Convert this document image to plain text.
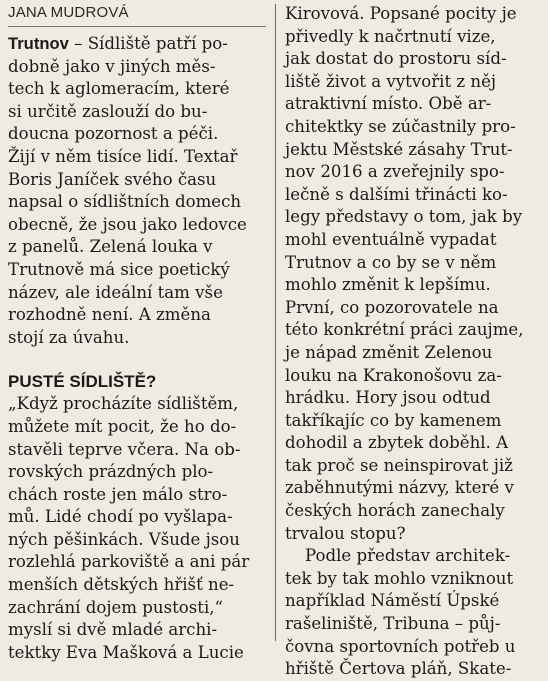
JANA MUDROVÁ
Trutnov – Sídliště patří po-
dobně jako v jiných měs-
tech k aglomeracím, které
si určitě zaslouží do bu-
doucna pozornost a péči.
Žijí v něm tisíce lidí. Textař
Boris Janíček svého času
napsal o sídlištních domech
obecně, že jsou jako ledovce
z panelů. Zelená louka v
Trutnově má sice poetický
název, ale ideální tam vše
rozhodně není. A změna
stojí za úvahu.
PUSTÉ SÍDLIŠTĚ?
„Když procházíte sídlištěm,
můžete mít pocit, že ho do-
stavěli teprve včera. Na ob-
rovských prázdných plo-
chách roste jen málo stro-
mů. Lidé chodí po vyšlapa-
ných pěšinkách. Všude jsou
rozlehlá parkoviště a ani pár
menších dětských hřišť ne-
zachrání dojem pustosti,“
myslí si dvě mladé archi-
tektky Eva Mašková a Lucie
Kirovová. Popsané pocity je
přivedly k načrtnutí vize,
jak dostat do prostoru síd-
liště život a vytvořit z něj
atraktivní místo. Obě ar-
chitektky se zúčastnily pro-
jektu Městské zásahy Trut-
nov 2016 a zveřejnily spo-
lečně s dalšími třinácti ko-
legy představy o tom, jak by
mohl eventuálně vypadat
Trutnov a co by se v něm
mohlo změnit k lepšímu.
První, co pozorovatele na
této konkrétní práci zaujme,
je nápad změnit Zelenou
louku na Krakonošovu za-
hrádku. Hory jsou odtud
takříkajíc co by kamenem
dohodil a zbytek doběhl. A
tak proč se neinspirovat již
zaběhnutými názvy, které v
českých horách zanechaly
trvalou stopu?
Podle představ architek-
tek by tak mohlo vzniknout
například Náměstí Úpské
rašeliniště, Tribuna – půj-
čovna sportovních potřeb u
hřiště Čertova pláň, Skate-
